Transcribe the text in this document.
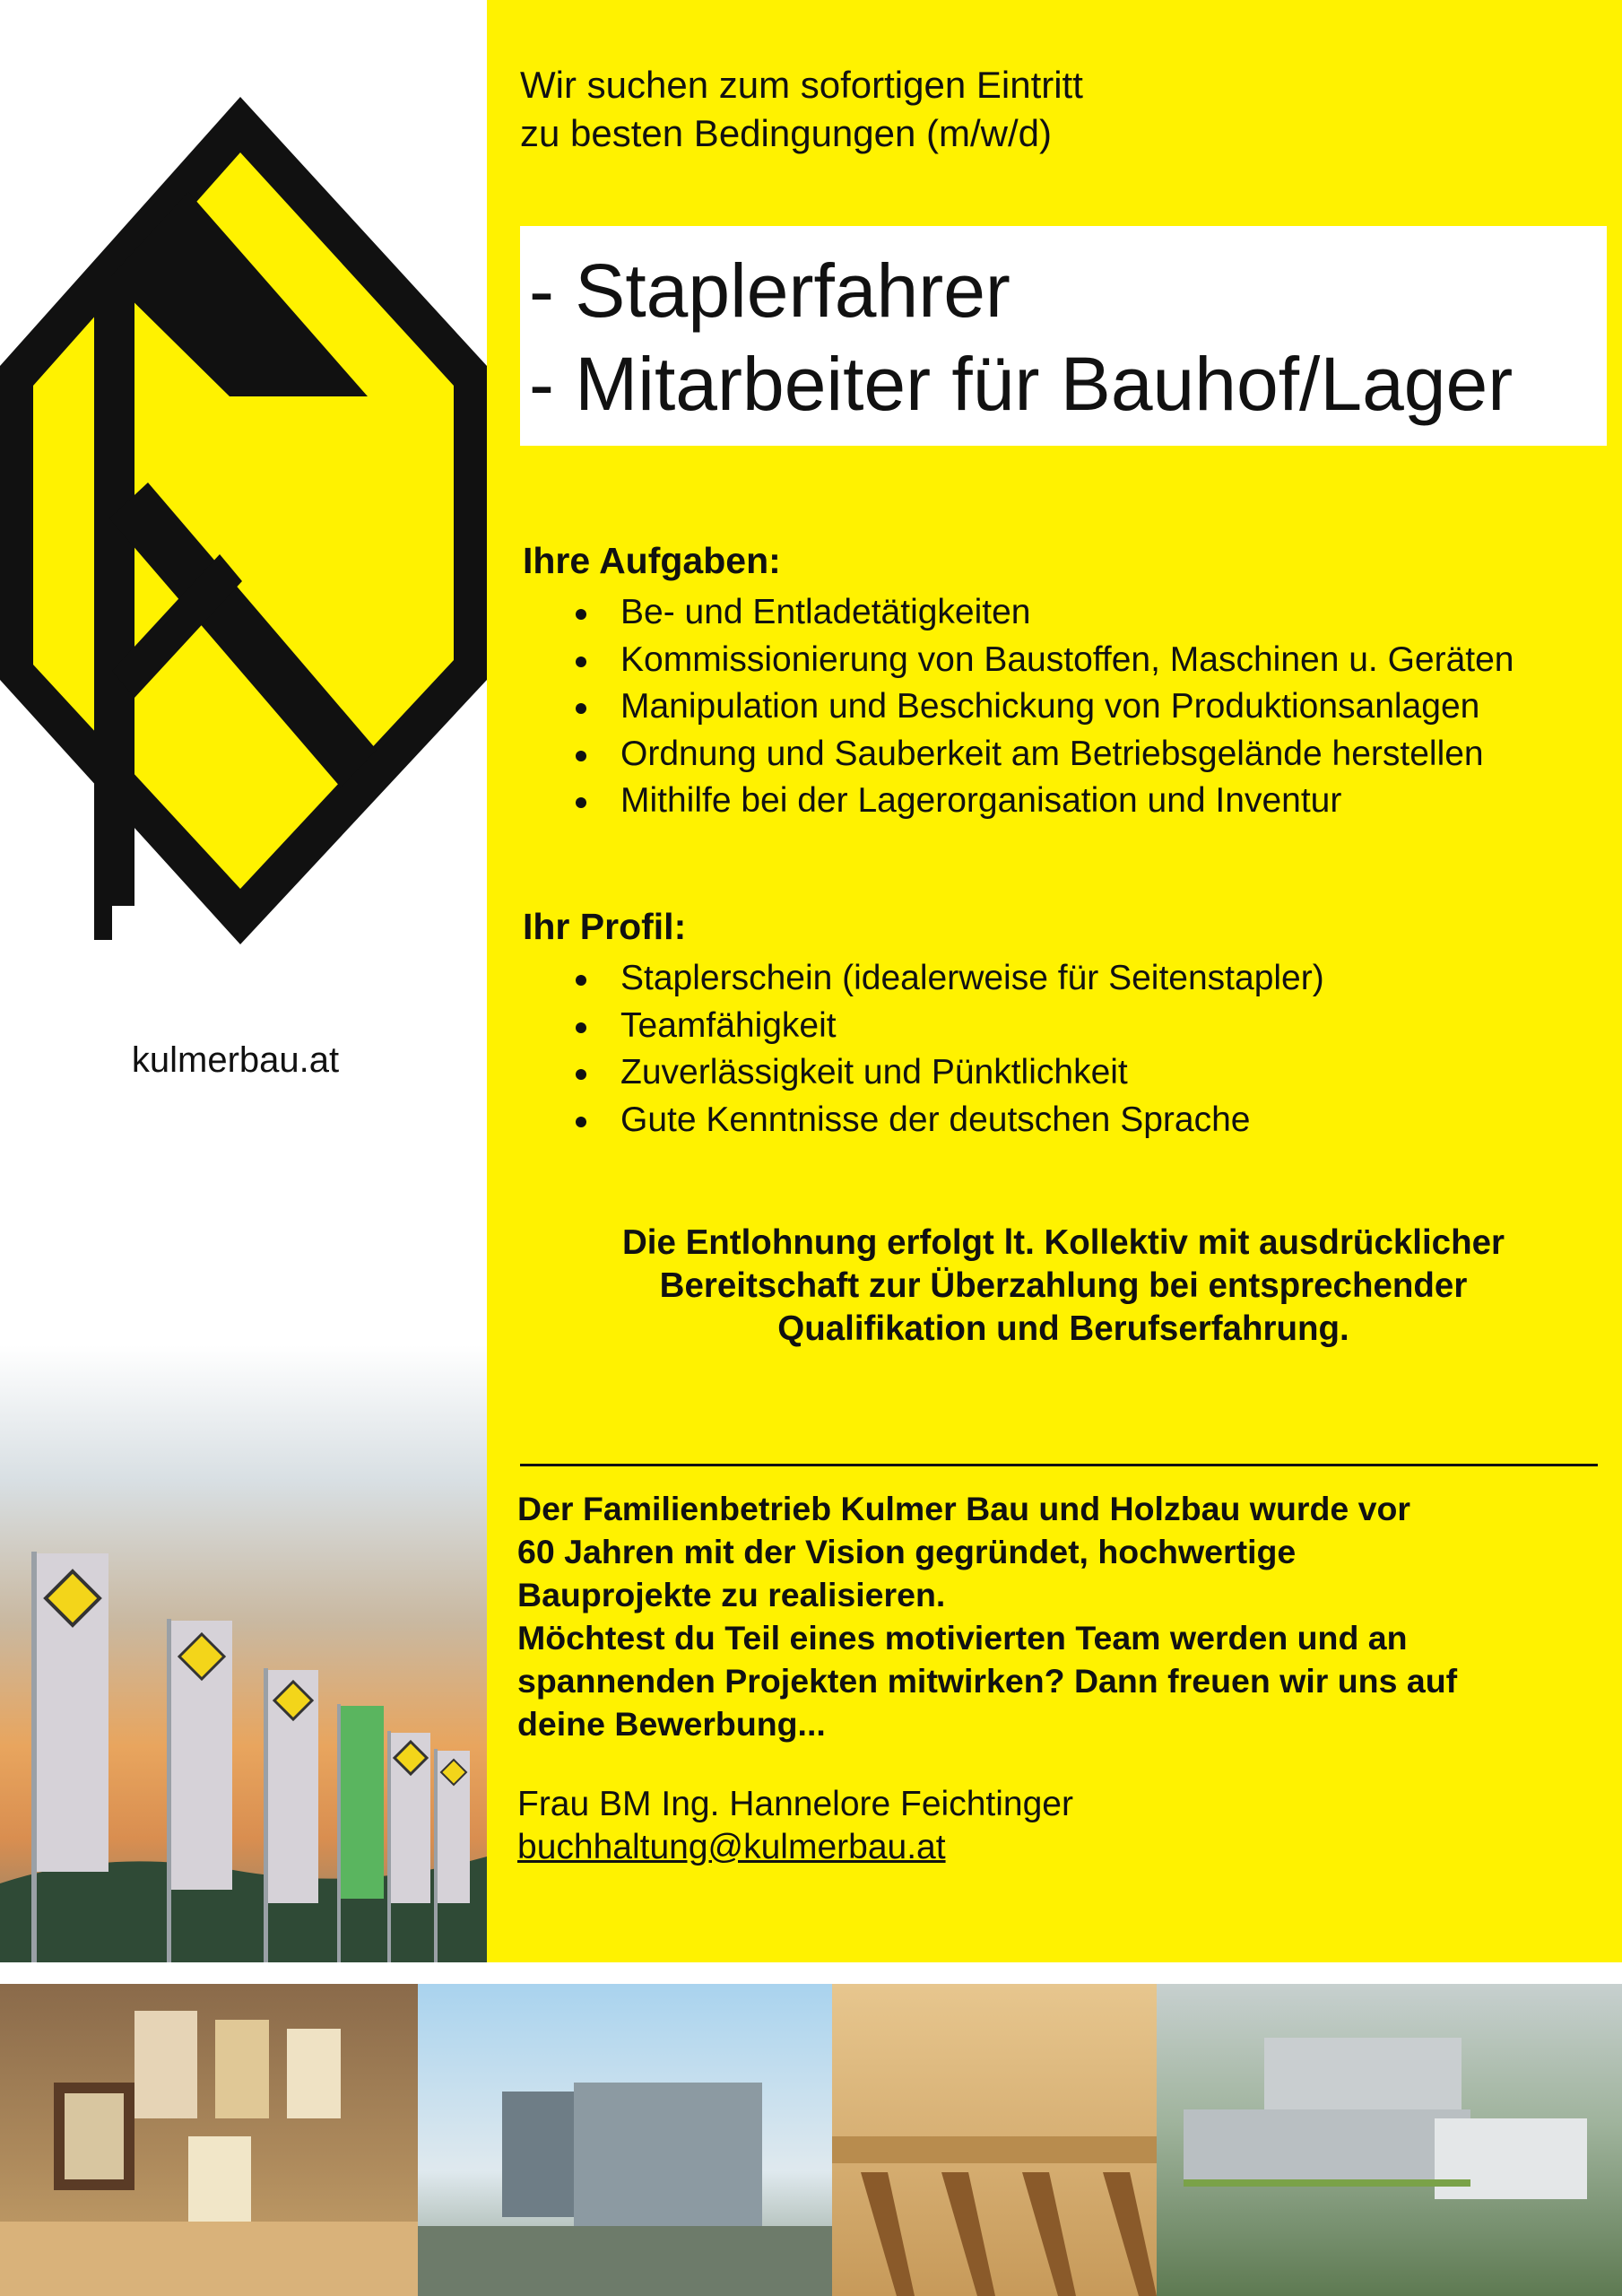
kulmerbau.at
Wir suchen zum sofortigen Eintritt
zu besten Bedingungen (m/w/d)
- Staplerfahrer
- Mitarbeiter für Bauhof/Lager
Ihre Aufgaben:
Be- und Entladetätigkeiten
Kommissionierung von Baustoffen, Maschinen u. Geräten
Manipulation und Beschickung von Produktionsanlagen
Ordnung und Sauberkeit am Betriebsgelände herstellen
Mithilfe bei der Lagerorganisation und Inventur
Ihr Profil:
Staplerschein (idealerweise für Seitenstapler)
Teamfähigkeit
Zuverlässigkeit und Pünktlichkeit
Gute Kenntnisse der deutschen Sprache
Die Entlohnung erfolgt lt. Kollektiv mit ausdrücklicher
Bereitschaft zur Überzahlung bei entsprechender
Qualifikation und Berufserfahrung.
Der Familienbetrieb Kulmer Bau und Holzbau wurde vor
60 Jahren mit der Vision gegründet, hochwertige
Bauprojekte zu realisieren.
Möchtest du Teil eines motivierten Team werden und an
spannenden Projekten mitwirken? Dann freuen wir uns auf
deine Bewerbung...
Frau BM Ing. Hannelore Feichtinger
buchhaltung@kulmerbau.at
